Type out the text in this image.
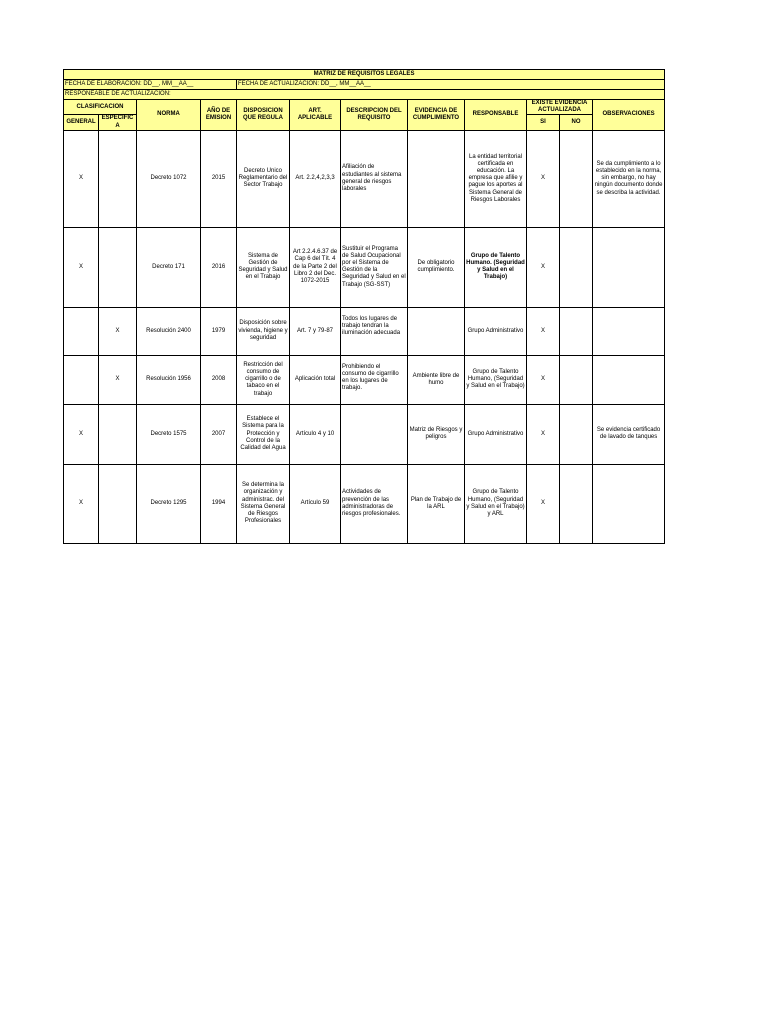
MATRIZ DE REQUISITOS LEGALES											
FECHA DE ELABORACION: DD__, MM__AA__				FECHA DE ACTUALIZACION: DD__, MM__AA__							
RESPONEABLE DE ACTUALIZACION:											
CLASIFICACION		NORMA	AÑO DE EMISION	DISPOSICION QUE REGULA	ART. APLICABLE	DESCRIPCION DEL REQUISITO	EVIDENCIA DE CUMPLIMIENTO	RESPONSABLE	EXISTE EVIDENCIA ACTUALIZADA		OBSERVACIONES
GENERAL	ESPECIFICA								SI	NO	
X		Decreto 1072	2015	Decreto Unico Reglamentario del Sector Trabajo	Art. 2.2,4,2,3,3	Afiliación de estudiantes al sistema general de riesgos laborales		La entidad territorial certificada en educación. La empresa que afilie y pague los aportes al Sistema General de Riesgos Laborales	X		Se da cumplimiento a lo establecido en la norma, sin embargo, no hay ningún documento donde se describa la actividad.
X		Decreto 171	2016	Sistema de Gestión de Seguridad y Salud en el Trabajo	Art 2.2.4.6.37 de Cap 6 del Tít. 4 de la Parte 2 del Libro 2 del Dec. 1072-2015	Sustituir el Programa de Salud Ocupacional por el Sistema de Gestión de la Seguridad y Salud en el Trabajo (SG-SST)	De obligatorio cumplimiento.	Grupo de Talento Humano. (Seguridad y Salud en el Trabajo)	X		
	X	Resolución 2400	1979	Disposición sobre vivienda, higiene y seguridad	Art. 7 y 79-87	Todos los lugares de trabajo tendran la iluminación adecuada		Grupo Administrativo	X		
	X	Resolución 1956	2008	Restricción del consumo de cigarrillo o de tabaco en el trabajo	Aplicación total	Prohibiendo el consumo de cigarrillo en los lugares de trabajo.	Ambiente libre de humo	Grupo de Talento Humano, (Seguridad y Salud en el Trabajo)	X		
X		Decreto 1575	2007	Establece el Sistema para la Protección y Control de la Calidad del Agua	Artículo 4 y 10		Matriz de Riesgos y peligros	Grupo Administrativo	X		Se evidencia certificado de lavado de tanques
X		Decreto 1295	1994	Se determina la organización y administrac. del Sistema General de Riesgos Profesionales	Artículo 59	Actividades de prevención de las administradoras de riesgos profesionales.	Plan de Trabajo de la ARL	Grupo de Talento Humano, (Seguridad y Salud en el Trabajo) y ARL	X		
